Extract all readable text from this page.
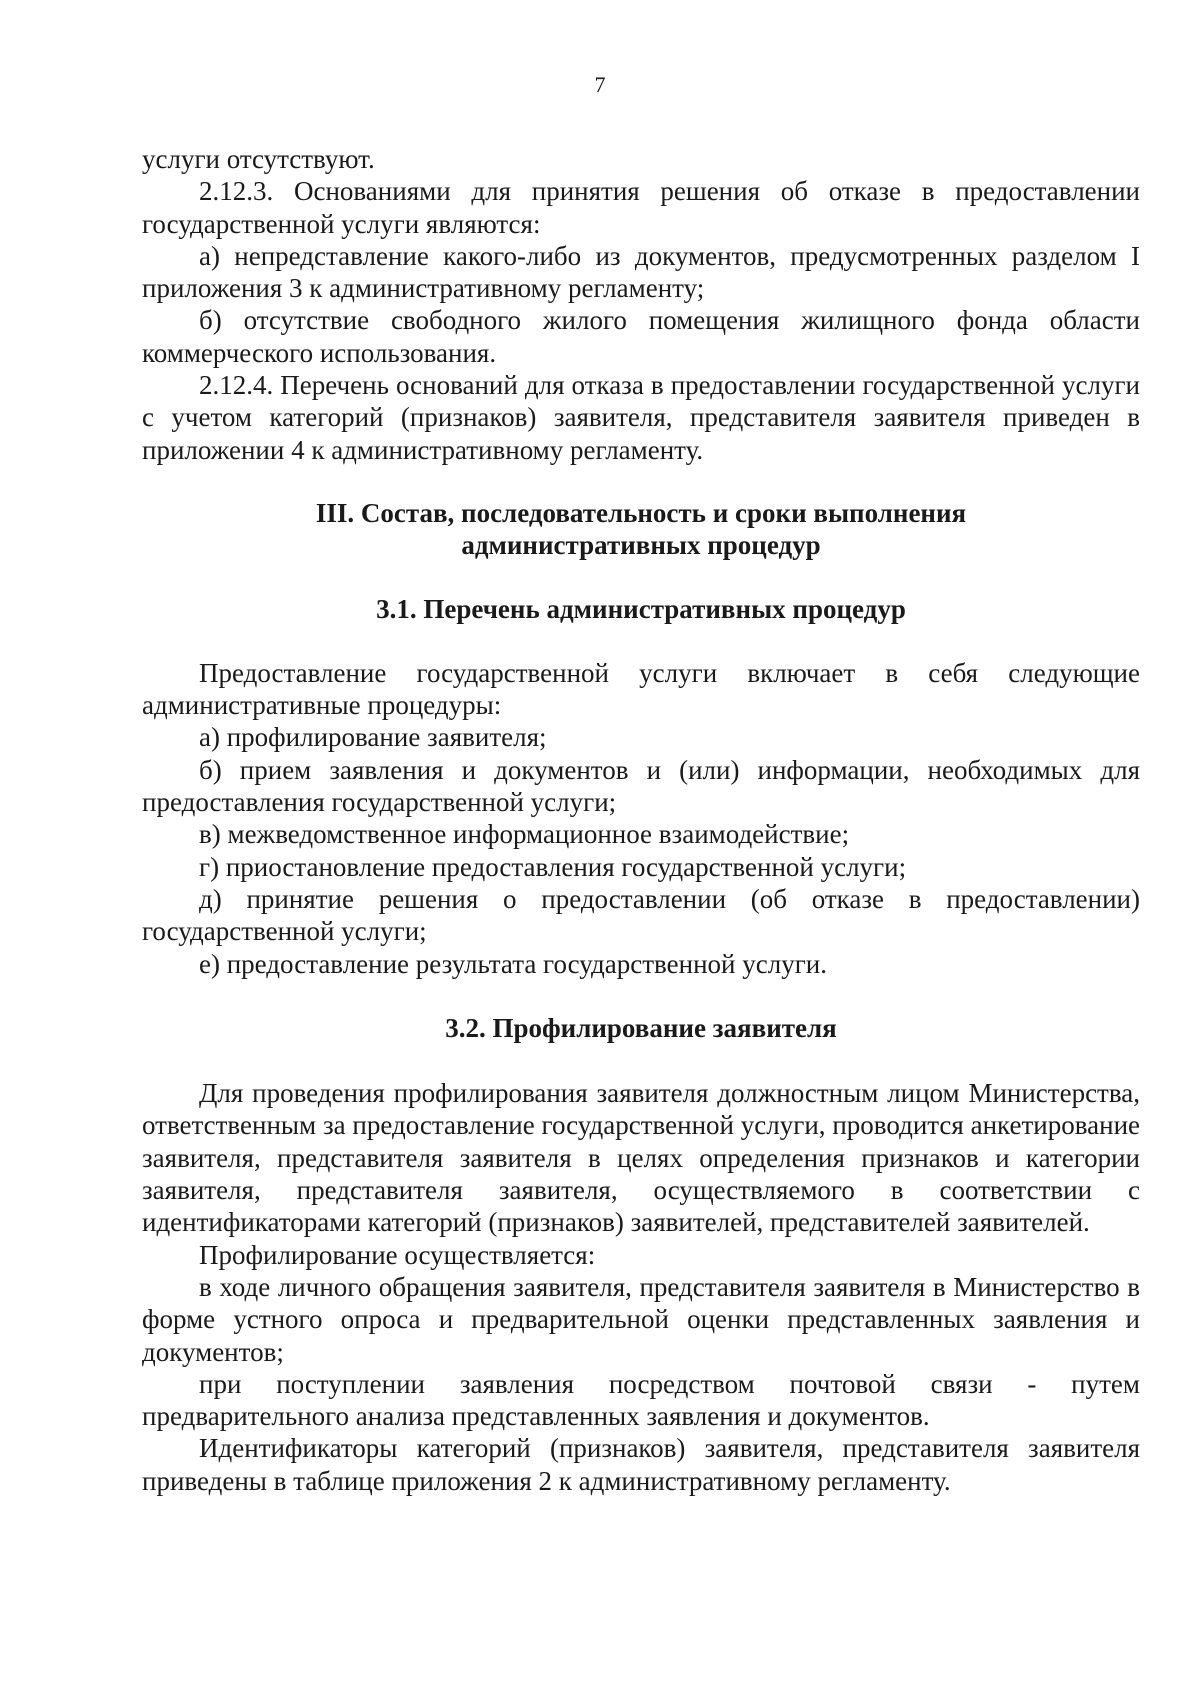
7

услуги отсутствуют.

2.12.3. Основаниями для принятия решения об отказе в предоставлении государственной услуги являются:

а) непредставление какого-либо из документов, предусмотренных разделом I приложения 3 к административному регламенту;

б) отсутствие свободного жилого помещения жилищного фонда области коммерческого использования.

2.12.4. Перечень оснований для отказа в предоставлении государственной услуги с учетом категорий (признаков) заявителя, представителя заявителя приведен в приложении 4 к административному регламенту.

III. Состав, последовательность и сроки выполнения
административных процедур
3.1. Перечень административных процедур

Предоставление государственной услуги включает в себя следующие административные процедуры:

а) профилирование заявителя;

б) прием заявления и документов и (или) информации, необходимых для предоставления государственной услуги;

в) межведомственное информационное взаимодействие;

г) приостановление предоставления государственной услуги;

д) принятие решения о предоставлении (об отказе в предоставлении) государственной услуги;

е) предоставление результата государственной услуги.

3.2. Профилирование заявителя

Для проведения профилирования заявителя должностным лицом Министерства, ответственным за предоставление государственной услуги, проводится анкетирование заявителя, представителя заявителя в целях определения признаков и категории заявителя, представителя заявителя, осуществляемого в соответствии с идентификаторами категорий (признаков) заявителей, представителей заявителей.

Профилирование осуществляется:

в ходе личного обращения заявителя, представителя заявителя в Министерство в форме устного опроса и предварительной оценки представленных заявления и документов;

при поступлении заявления посредством почтовой связи - путем предварительного анализа представленных заявления и документов.

Идентификаторы категорий (признаков) заявителя, представителя заявителя приведены в таблице приложения 2 к административному регламенту.
